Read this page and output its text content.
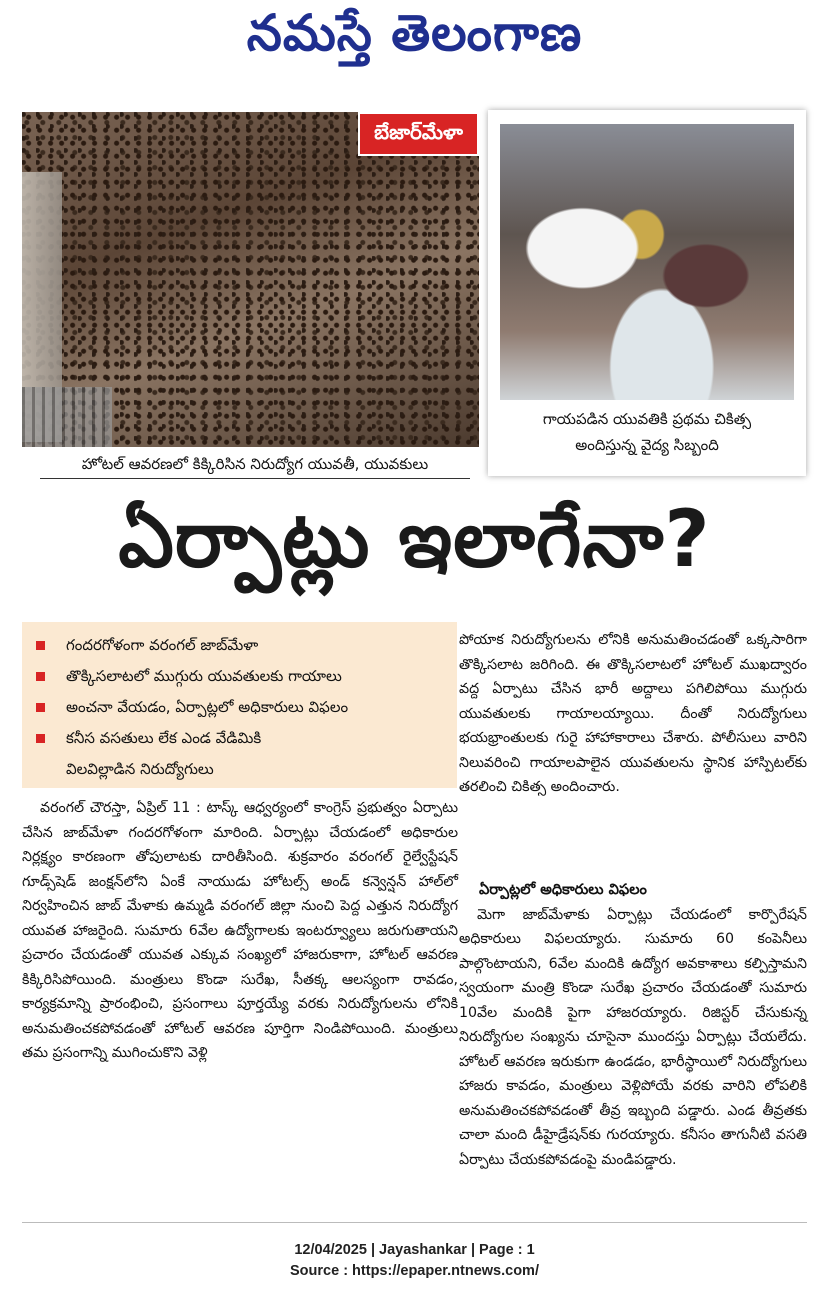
నమస్తే తెలంగాణ
బేజార్‌మేళా
హోటల్‌ ఆవరణలో కిక్కిరిసిన నిరుద్యోగ యువతీ, యువకులు
గాయపడిన యువతికి ప్రథమ చికిత్స
అందిస్తున్న వైద్య సిబ్బంది
ఏర్పాట్లు ఇలాగేనా?
గందరగోళంగా వరంగల్‌ జాబ్‌మేళా
తొక్కిసలాటలో ముగ్గురు యువతులకు గాయాలు
అంచనా వేయడం, ఏర్పాట్లలో అధికారులు విఫలం
కనీస వసతులు లేక ఎండ వేడిమికి
విలవిల్లాడిన నిరుద్యోగులు

వరంగల్‌ చౌరస్తా, ఏప్రిల్‌ 11 : టాస్క్‌ ఆధ్వర్యంలో కాంగ్రెస్‌ ప్రభుత్వం ఏర్పాటు చేసిన జాబ్‌మేళా గందరగోళంగా మారింది. ఏర్పాట్లు చేయడంలో అధికారుల నిర్లక్ష్యం కారణంగా తోపులాటకు దారితీసింది. శుక్రవారం వరంగల్‌ రైల్వేస్టేషన్‌ గూడ్స్‌షెడ్‌ జంక్షన్‌లోని ఏంకే నాయుడు హోటల్స్‌ అండ్‌ కన్వెన్షన్‌ హాల్‌లో నిర్వహించిన జాబ్‌ మేళాకు ఉమ్మడి వరంగల్‌ జిల్లా నుంచి పెద్ద ఎత్తున నిరుద్యోగ యువత హాజరైంది. సుమారు 6వేల ఉద్యోగాలకు ఇంటర్వ్యూలు జరుగుతాయని ప్రచారం చేయడంతో యువత ఎక్కువ సంఖ్యలో హాజరుకాగా, హోటల్‌ ఆవరణ కిక్కిరిసిపోయింది. మంత్రులు కొండా సురేఖ, సీతక్క ఆలస్యంగా రావడం, కార్యక్రమాన్ని ప్రారంభించి, ప్రసంగాలు పూర్తయ్యే వరకు నిరుద్యోగులను లోనికి అనుమతించకపోవడంతో హోటల్‌ ఆవరణ పూర్తిగా నిండిపోయింది. మంత్రులు తమ ప్రసంగాన్ని ముగించుకొని వెళ్లి

పోయాక నిరుద్యోగులను లోనికి అనుమతించడంతో ఒక్కసారిగా తొక్కిసలాట జరిగింది. ఈ తొక్కిసలాటలో హోటల్‌ ముఖద్వారం వద్ద ఏర్పాటు చేసిన భారీ అద్దాలు పగిలిపోయి ముగ్గురు యువతులకు గాయాలయ్యాయి. దీంతో నిరుద్యోగులు భయభ్రాంతులకు గురై హాహాకారాలు చేశారు. పోలీసులు వారిని నిలువరించి గాయాలపాలైన యువతులను స్థానిక హాస్పిటల్‌కు తరలించి చికిత్స అందించారు.

ఏర్పాట్లలో అధికారులు విఫలం

మెగా జాబ్‌మేళాకు ఏర్పాట్లు చేయడంలో కార్పొరేషన్‌ అధికారులు విఫలయ్యారు. సుమారు 60 కంపెనీలు పాల్గొంటాయని, 6వేల మందికి ఉద్యోగ అవకాశాలు కల్పిస్తామని స్వయంగా మంత్రి కొండా సురేఖ ప్రచారం చేయడంతో సుమారు 10వేల మందికి పైగా హాజరయ్యారు. రిజిస్టర్‌ చేసుకున్న నిరుద్యోగుల సంఖ్యను చూసైనా ముందస్తు ఏర్పాట్లు చేయలేదు. హోటల్‌ ఆవరణ ఇరుకుగా ఉండడం, భారీస్థాయిలో నిరుద్యోగులు హాజరు కావడం, మంత్రులు వెళ్లిపోయే వరకు వారిని లోపలికి అనుమతించకపోవడంతో తీవ్ర ఇబ్బంది పడ్డారు. ఎండ తీవ్రతకు చాలా మంది డీహైడ్రేషన్‌కు గురయ్యారు. కనీసం తాగునీటి వసతి ఏర్పాటు చేయకపోవడంపై మండిపడ్డారు.

12/04/2025 | Jayashankar | Page : 1
Source : https://epaper.ntnews.com/
